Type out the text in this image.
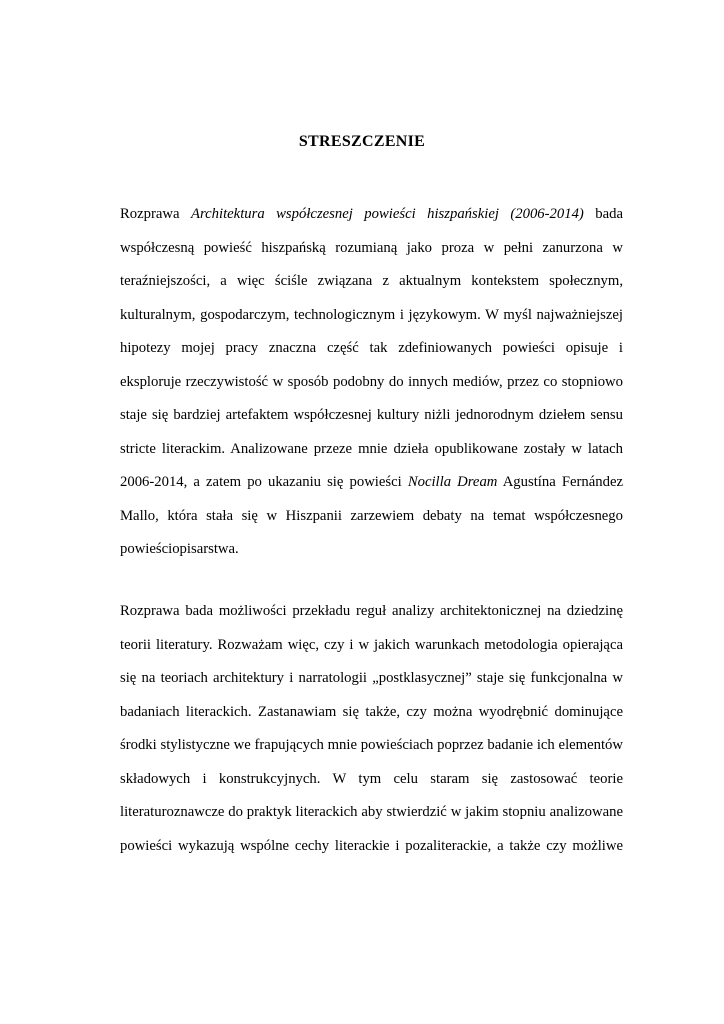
STRESZCZENIE
Rozprawa Architektura współczesnej powieści hiszpańskiej (2006-2014) bada
współczesną powieść hiszpańską rozumianą jako proza w pełni zanurzona w
teraźniejszości, a więc ściśle związana z aktualnym kontekstem społecznym,
kulturalnym, gospodarczym, technologicznym i językowym. W myśl najważniejszej
hipotezy mojej pracy znaczna część tak zdefiniowanych powieści opisuje i
eksploruje rzeczywistość w sposób podobny do innych mediów, przez co stopniowo
staje się bardziej artefaktem współczesnej kultury niżli jednorodnym dziełem sensu
stricte literackim. Analizowane przeze mnie dzieła opublikowane zostały w latach
2006-2014, a zatem po ukazaniu się powieści Nocilla Dream Agustína Fernández
Mallo, która stała się w Hiszpanii zarzewiem debaty na temat współczesnego
powieściopisarstwa.
Rozprawa bada możliwości przekładu reguł analizy architektonicznej na dziedzinę
teorii literatury. Rozważam więc, czy i w jakich warunkach metodologia opierająca
się na teoriach architektury i narratologii „postklasycznej” staje się funkcjonalna w
badaniach literackich. Zastanawiam się także, czy można wyodrębnić dominujące
środki stylistyczne we frapujących mnie powieściach poprzez badanie ich elementów
składowych i konstrukcyjnych. W tym celu staram się zastosować teorie
literaturoznawcze do praktyk literackich aby stwierdzić w jakim stopniu analizowane
powieści wykazują wspólne cechy literackie i pozaliterackie, a także czy możliwe
